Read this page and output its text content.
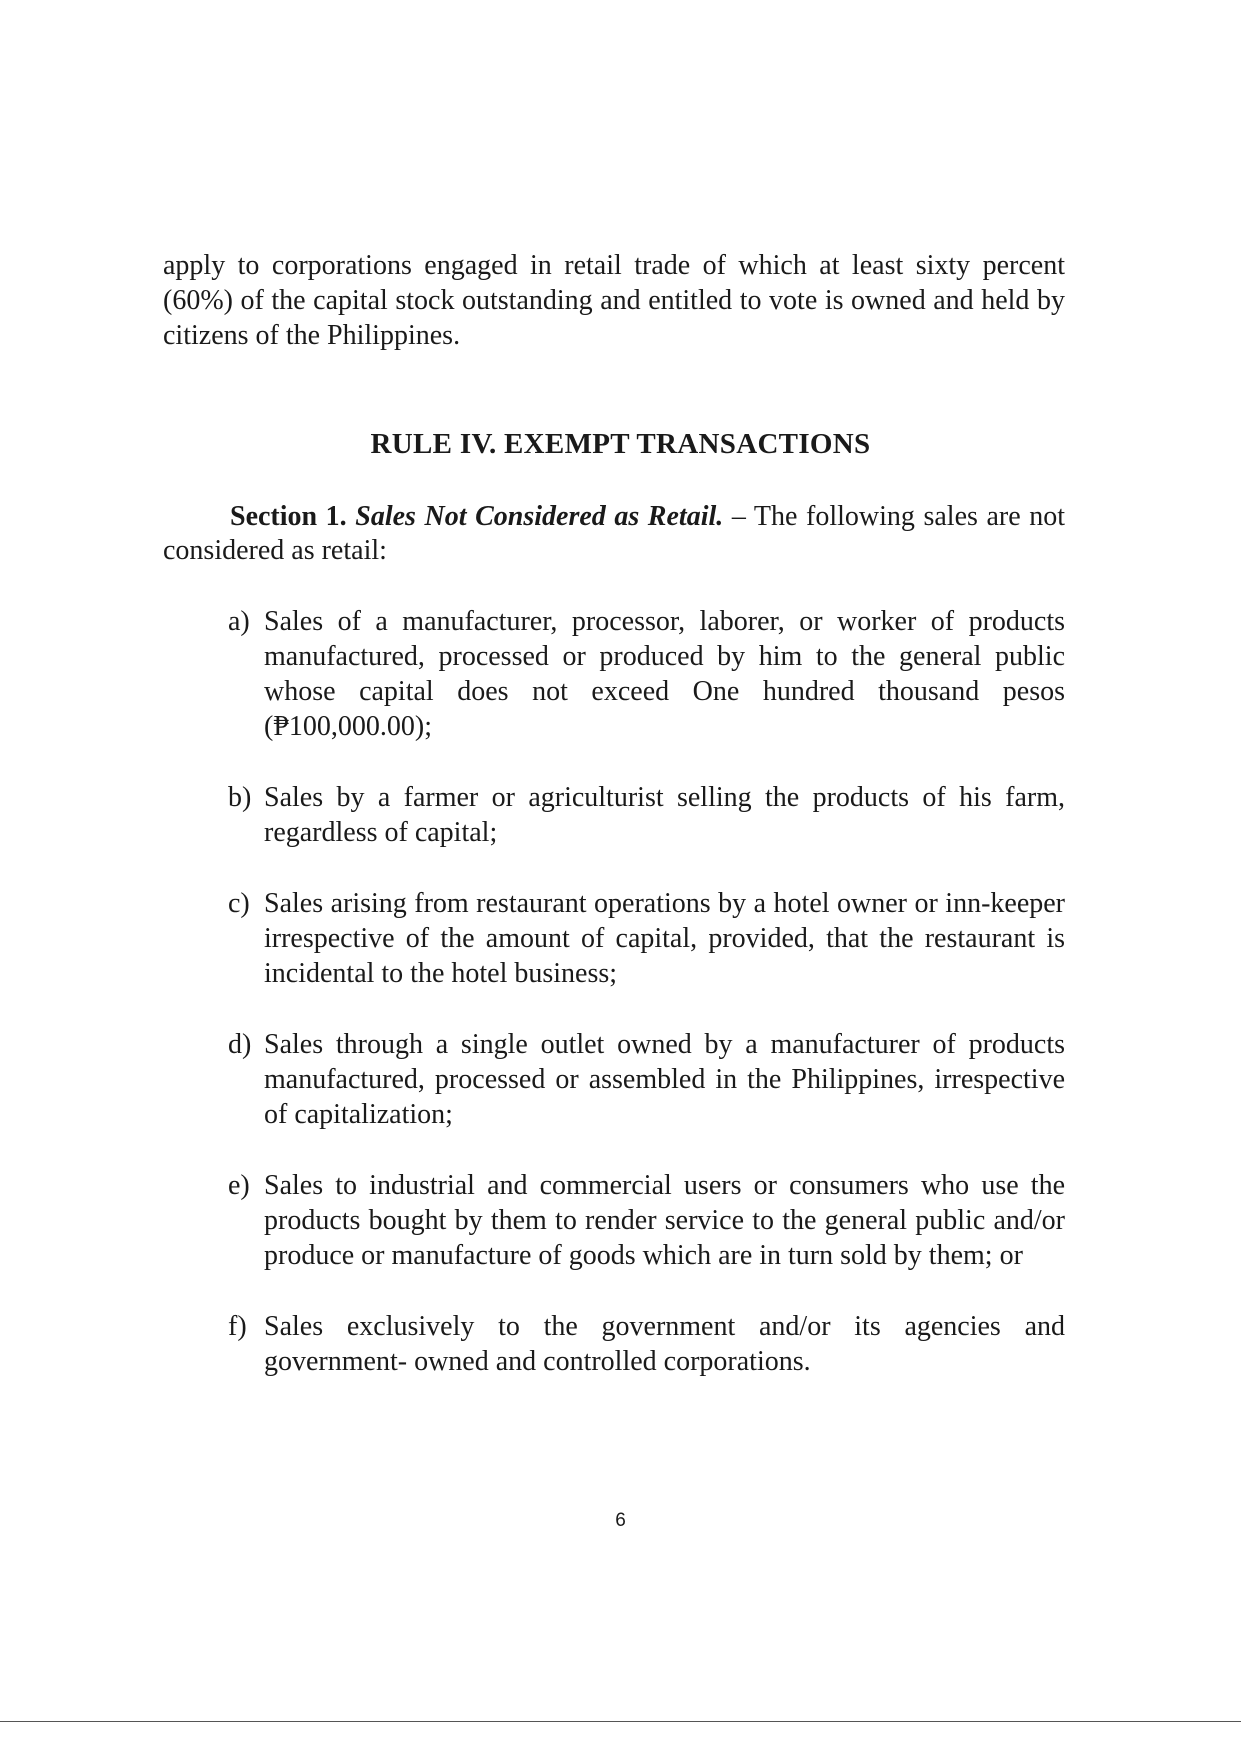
apply to corporations engaged in retail trade of which at least sixty percent (60%) of the capital stock outstanding and entitled to vote is owned and held by citizens of the Philippines.

RULE IV. EXEMPT TRANSACTIONS

Section 1. Sales Not Considered as Retail. – The following sales are not considered as retail:

a) Sales of a manufacturer, processor, laborer, or worker of products manufactured, processed or produced by him to the general public whose capital does not exceed One hundred thousand pesos (₱100,000.00);
b) Sales by a farmer or agriculturist selling the products of his farm, regardless of capital;
c) Sales arising from restaurant operations by a hotel owner or inn-keeper irrespective of the amount of capital, provided, that the restaurant is incidental to the hotel business;
d) Sales through a single outlet owned by a manufacturer of products manufactured, processed or assembled in the Philippines, irrespective of capitalization;
e) Sales to industrial and commercial users or consumers who use the products bought by them to render service to the general public and/or produce or manufacture of goods which are in turn sold by them; or
f) Sales exclusively to the government and/or its agencies and government- owned and controlled corporations.
6
